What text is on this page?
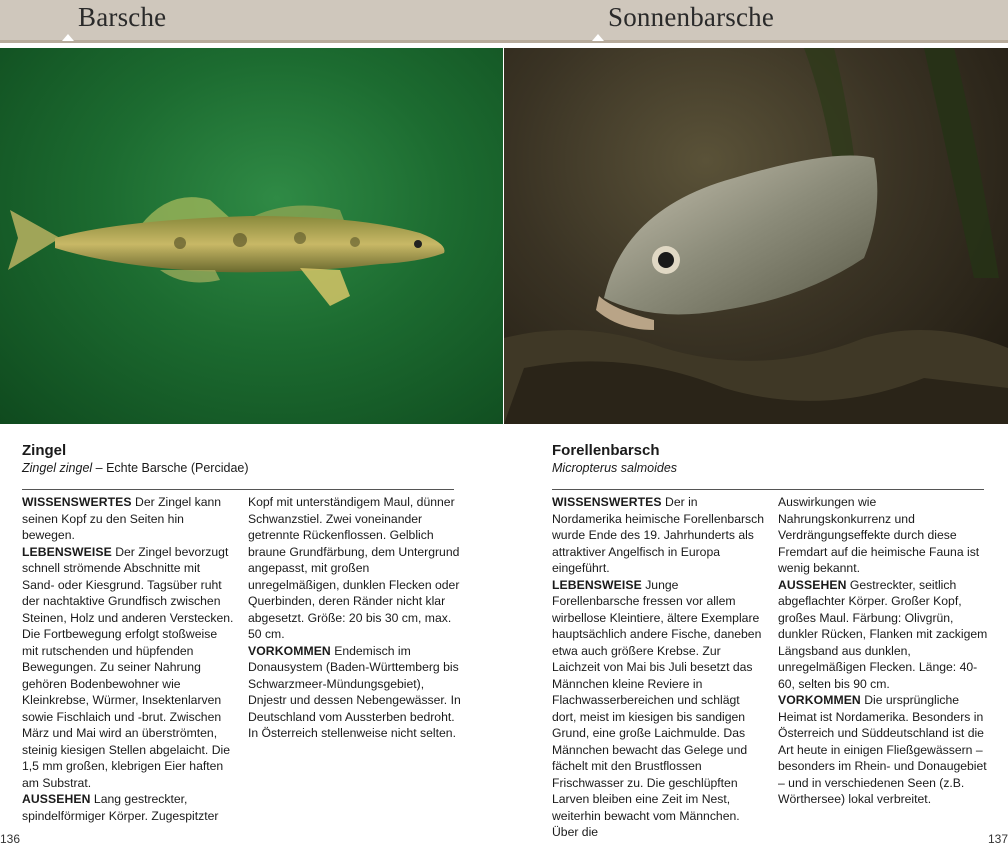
Barsche	Sonnenbarsche
Zingel
Zingel zingel – Echte Barsche (Percidae)

WISSENSWERTES Der Zingel kann seinen Kopf zu den Seiten hin bewegen.

LEBENSWEISE Der Zingel bevorzugt schnell strömende Abschnitte mit Sand- oder Kiesgrund. Tagsüber ruht der nachtaktive Grundfisch zwischen Steinen, Holz und anderen Verstecken. Die Fortbewegung erfolgt stoßweise mit rutschenden und hüpfenden Bewegungen. Zu seiner Nahrung gehören Bodenbewohner wie Kleinkrebse, Würmer, Insektenlarven sowie Fischlaich und -brut. Zwischen März und Mai wird an überströmten, steinig kiesigen Stellen abgelaicht. Die 1,5 mm großen, klebrigen Eier haften am Substrat.

AUSSEHEN Lang gestreckter, spindelförmiger Körper. Zugespitzter

Kopf mit unterständigem Maul, dünner Schwanzstiel. Zwei voneinander getrennte Rückenflossen. Gelblich braune Grundfärbung, dem Untergrund angepasst, mit großen unregelmäßigen, dunklen Flecken oder Querbinden, deren Ränder nicht klar abgesetzt. Größe: 20 bis 30 cm, max. 50 cm.

VORKOMMEN Endemisch im Donausystem (Baden-Württemberg bis Schwarzmeer-Mündungsgebiet), Dnjestr und dessen Nebengewässer. In Deutschland vom Aussterben bedroht. In Österreich stellenweise nicht selten.

Forellenbarsch
Micropterus salmoides

WISSENSWERTES Der in Nordamerika heimische Forellenbarsch wurde Ende des 19. Jahrhunderts als attraktiver Angelfisch in Europa eingeführt.

LEBENSWEISE Junge Forellenbarsche fressen vor allem wirbellose Kleintiere, ältere Exemplare hauptsächlich andere Fische, daneben etwa auch größere Krebse. Zur Laichzeit von Mai bis Juli besetzt das Männchen kleine Reviere in Flachwasserbereichen und schlägt dort, meist im kiesigen bis sandigen Grund, eine große Laichmulde. Das Männchen bewacht das Gelege und fächelt mit den Brustflossen Frischwasser zu. Die geschlüpften Larven bleiben eine Zeit im Nest, weiterhin bewacht vom Männchen. Über die

Auswirkungen wie Nahrungskonkurrenz und Verdrängungseffekte durch diese Fremdart auf die heimische Fauna ist wenig bekannt.

AUSSEHEN Gestreckter, seitlich abgeflachter Körper. Großer Kopf, großes Maul. Färbung: Olivgrün, dunkler Rücken, Flanken mit zackigem Längsband aus dunklen, unregelmäßigen Flecken. Länge: 40-60, selten bis 90 cm.

VORKOMMEN Die ursprüngliche Heimat ist Nordamerika. Besonders in Österreich und Süddeutschland ist die Art heute in einigen Fließgewässern – besonders im Rhein- und Donaugebiet – und in verschiedenen Seen (z.B. Wörthersee) lokal verbreitet.

136	137
